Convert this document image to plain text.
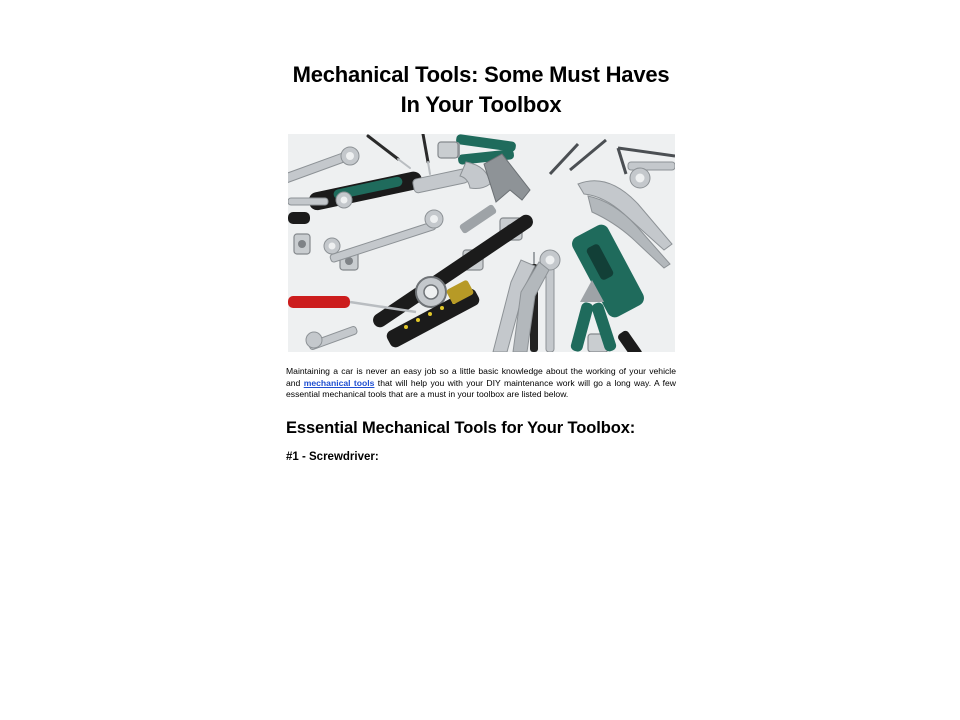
Mechanical Tools: Some Must Haves In Your Toolbox

Maintaining a car is never an easy job so a little basic knowledge about the working of your vehicle and mechanical tools that will help you with your DIY maintenance work will go a long way. A few essential mechanical tools that are a must in your toolbox are listed below.

Essential Mechanical Tools for Your Toolbox:
#1 - Screwdriver:
